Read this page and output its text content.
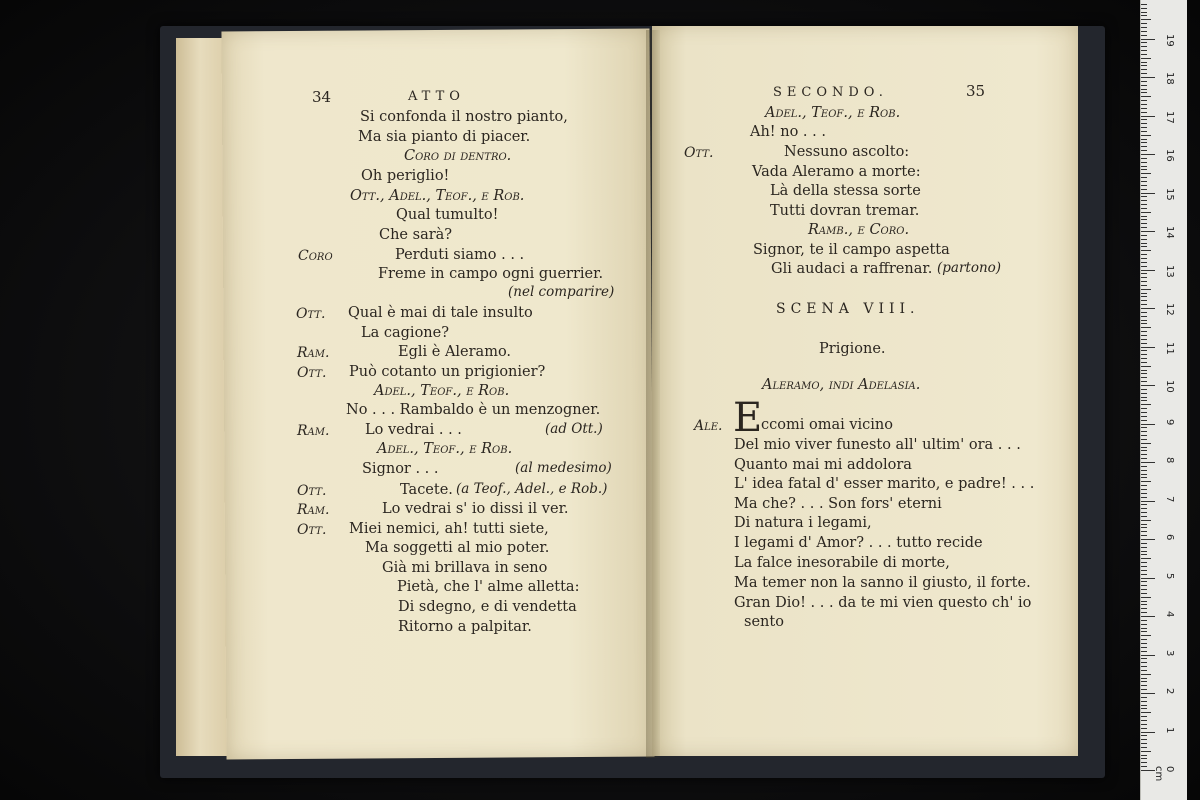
34	ATTO
Si confonda il nostro pianto,
Ma sia pianto di piacer.
Coro di dentro.
Oh periglio!
Ott., Adel., Teof., e Rob.
Qual tumulto!
Che sarà?
Coro	Perduti siamo . . .
Freme in campo ogni guerrier.
(nel comparire)
Ott. Qual è mai di tale insulto
La cagione?
Ram.	Egli è Aleramo.
Ott. Può cotanto un prigionier?
Adel., Teof., e Rob.
No . . . Rambaldo è un menzogner.
Ram. Lo vedrai . . .	(ad Ott.)
Adel., Teof., e Rob.
Signor . . .	(al medesimo)
Ott.	Tacete. (a Teof., Adel., e Rob.)
Ram.	Lo vedrai s' io dissi il ver.
Ott. Miei nemici, ah! tutti siete,
Ma soggetti al mio poter.
Già mi brillava in seno
Pietà, che l' alme alletta:
Di sdegno, e di vendetta
Ritorno a palpitar.
SECONDO.	35
Adel., Teof., e Rob.
Ah! no . . .
Ott.	Nessuno ascolto:
Vada Aleramo a morte:
Là della stessa sorte
Tutti dovran tremar.
Ramb., e Coro.
Signor, te il campo aspetta
Gli audaci a raffrenar. (partono)
SCENA VIII.
Prigione.
Aleramo, indi Adelasia.
Ale. E
ccomi omai vicino
Del mio viver funesto all' ultim' ora . . .
Quanto mai mi addolora
L' idea fatal d' esser marito, e padre! . . .
Ma che? . . . Son fors' eterni
Di natura i legami,
I legami d' Amor? . . . tutto recide
La falce inesorabile di morte,
Ma temer non la sanno il giusto, il forte.
Gran Dio! . . . da te mi vien questo ch' io
sento
0 cm
1
2
3
4
5
6
7
8
9
10
11
12
13
14
15
16
17
18
19
